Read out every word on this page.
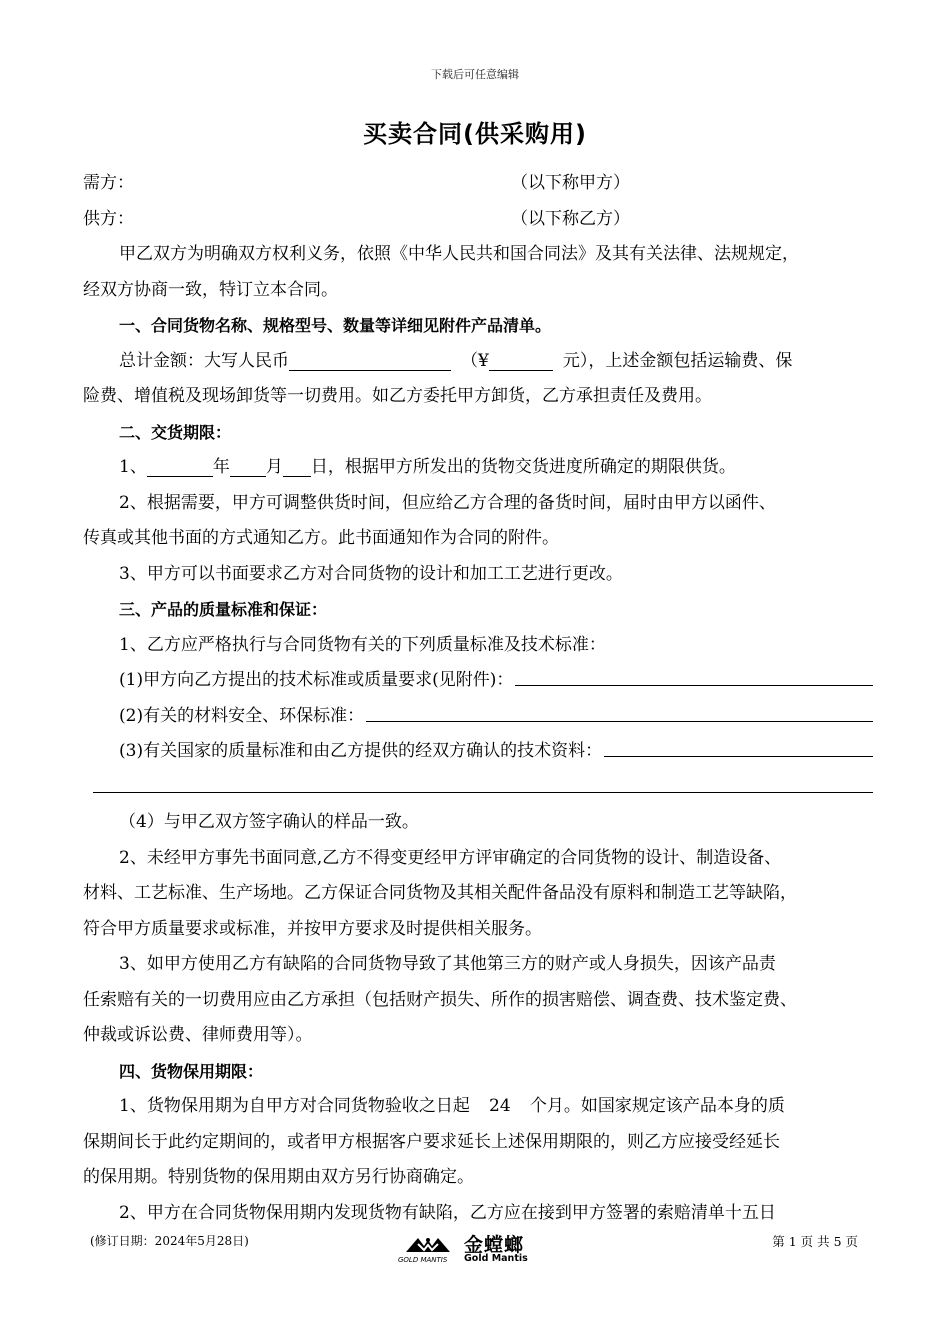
下载后可任意编辑
买卖合同(供采购用)
需方：	（以下称甲方）
供方：	（以下称乙方）
甲乙双方为明确双方权利义务，依照《中华人民共和国合同法》及其有关法律、法规规定，
经双方协商一致，特订立本合同。
一、合同货物名称、规格型号、数量等详细见附件产品清单。
总计金额：大写人民币	（¥	元），上述金额包括运输费、保
险费、增值税及现场卸货等一切费用。如乙方委托甲方卸货，乙方承担责任及费用。
二、交货期限：
1、	年 月 日，根据甲方所发出的货物交货进度所确定的期限供货。
2、根据需要，甲方可调整供货时间，但应给乙方合理的备货时间，届时由甲方以函件、
传真或其他书面的方式通知乙方。此书面通知作为合同的附件。
3、甲方可以书面要求乙方对合同货物的设计和加工工艺进行更改。
三、产品的质量标准和保证：
1、乙方应严格执行与合同货物有关的下列质量标准及技术标准：
(1)甲方向乙方提出的技术标准或质量要求(见附件)：
(2)有关的材料安全、环保标准：
(3)有关国家的质量标准和由乙方提供的经双方确认的技术资料：
（4）与甲乙双方签字确认的样品一致。
2、未经甲方事先书面同意,乙方不得变更经甲方评审确定的合同货物的设计、制造设备、
材料、工艺标准、生产场地。乙方保证合同货物及其相关配件备品没有原料和制造工艺等缺陷，
符合甲方质量要求或标准，并按甲方要求及时提供相关服务。
3、如甲方使用乙方有缺陷的合同货物导致了其他第三方的财产或人身损失，因该产品责
任索赔有关的一切费用应由乙方承担（包括财产损失、所作的损害赔偿、调查费、技术鉴定费、
仲裁或诉讼费、律师费用等）。
四、货物保用期限：
1、货物保用期为自甲方对合同货物验收之日起 24 个月。如国家规定该产品本身的质
保期间长于此约定期间的，或者甲方根据客户要求延长上述保用期限的，则乙方应接受经延长
的保用期。特别货物的保用期由双方另行协商确定。
2、甲方在合同货物保用期内发现货物有缺陷，乙方应在接到甲方签署的索赔清单十五日
(修订日期：2024年5月28日)
GOLD MANTIS
金螳螂
Gold Mantis
第 1 页 共 5 页
